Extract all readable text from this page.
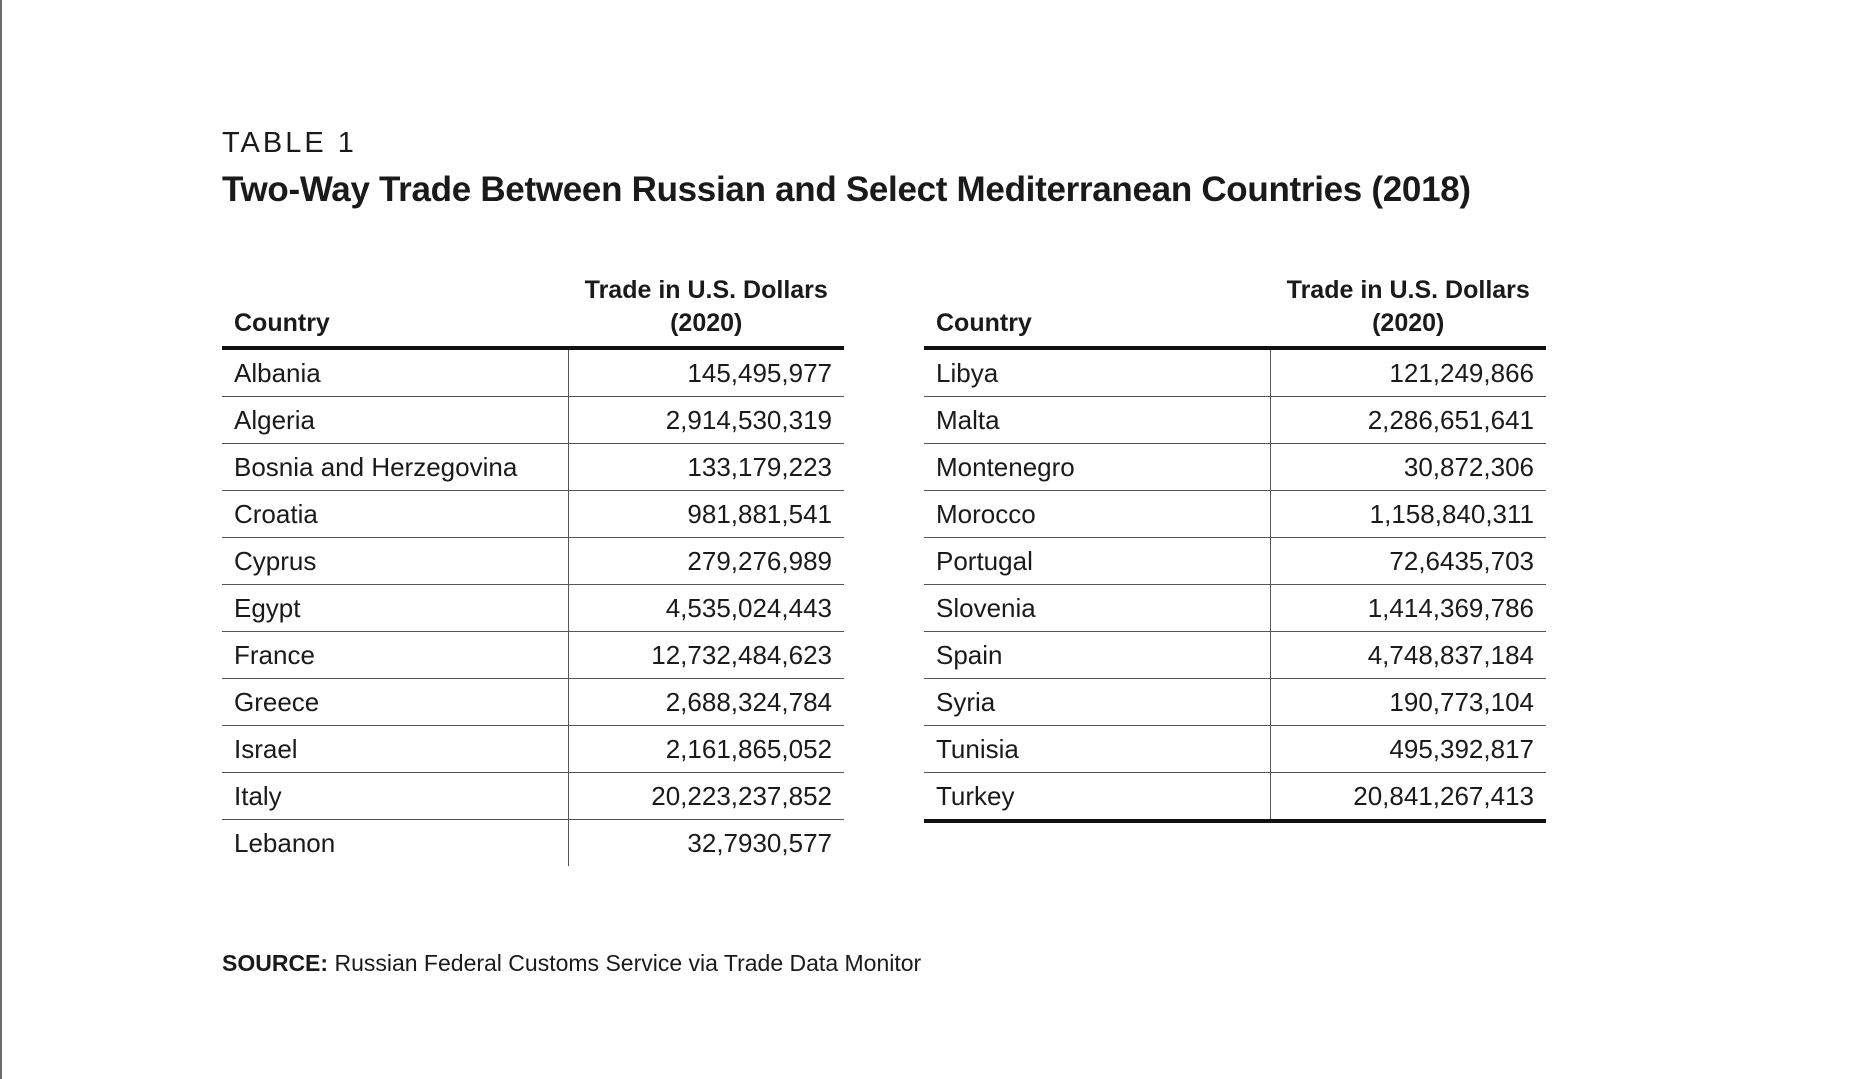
TABLE 1

Two-Way Trade Between Russian and Select Mediterranean Countries (2018)
Country	Trade in U.S. Dollars
(2020)
Albania	145,495,977
Algeria	2,914,530,319
Bosnia and Herzegovina	133,179,223
Croatia	981,881,541
Cyprus	279,276,989
Egypt	4,535,024,443
France	12,732,484,623
Greece	2,688,324,784
Israel	2,161,865,052
Italy	20,223,237,852
Lebanon	32,7930,577
Country	Trade in U.S. Dollars
(2020)
Libya	121,249,866
Malta	2,286,651,641
Montenegro	30,872,306
Morocco	1,158,840,311
Portugal	72,6435,703
Slovenia	1,414,369,786
Spain	4,748,837,184
Syria	190,773,104
Tunisia	495,392,817
Turkey	20,841,267,413

SOURCE: Russian Federal Customs Service via Trade Data Monitor
